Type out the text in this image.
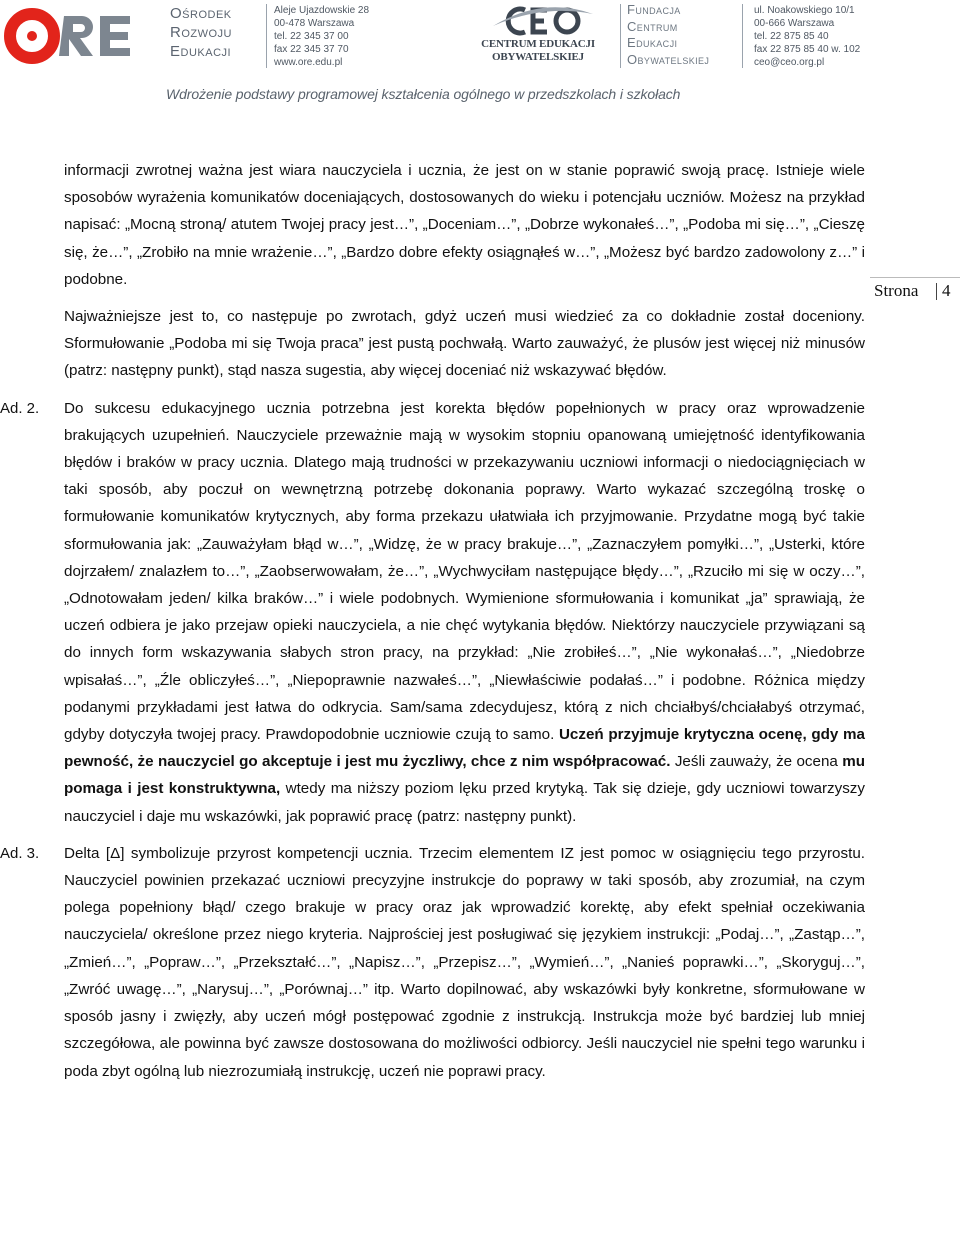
Ośrodek
Rozwoju
Edukacji
Aleje Ujazdowskie 28
00-478 Warszawa
tel. 22 345 37 00
fax 22 345 37 70
www.ore.edu.pl
CENTRUM EDUKACJI
OBYWATELSKIEJ
Fundacja
Centrum
Edukacji
Obywatelskiej
ul. Noakowskiego 10/1
00-666 Warszawa
tel. 22 875 85 40
fax 22 875 85 40 w. 102
ceo@ceo.org.pl
Wdrożenie podstawy programowej kształcenia ogólnego w przedszkolach i szkołach
Strona 4

informacji zwrotnej ważna jest wiara nauczyciela i ucznia, że jest on w stanie poprawić swoją pracę. Istnieje wiele sposobów wyrażenia komunikatów doceniających, dostosowanych do wieku i potencjału uczniów. Możesz na przykład napisać: „Mocną stroną/ atutem Twojej pracy jest…”, „Doceniam…”, „Dobrze wykonałeś…”, „Podoba mi się…”, „Cieszę się, że…”, „Zrobiło na mnie wrażenie…”, „Bardzo dobre efekty osiągnąłeś w…”, „Możesz być bardzo zadowolony z…” i podobne.

Najważniejsze jest to, co następuje po zwrotach, gdyż uczeń musi wiedzieć za co dokładnie został doceniony. Sformułowanie „Podoba mi się Twoja praca” jest pustą pochwałą. Warto zauważyć, że plusów jest więcej niż minusów (patrz: następny punkt), stąd nasza sugestia, aby więcej doceniać niż wskazywać błędów.

Ad. 2.	Do sukcesu edukacyjnego ucznia potrzebna jest korekta błędów popełnionych w pracy oraz wprowadzenie brakujących uzupełnień. Nauczyciele przeważnie mają w wysokim stopniu opanowaną umiejętność identyfikowania błędów i braków w pracy ucznia. Dlatego mają trudności w przekazywaniu uczniowi informacji o niedociągnięciach w taki sposób, aby poczuł on wewnętrzną potrzebę dokonania poprawy. Warto wykazać szczególną troskę o formułowanie komunikatów krytycznych, aby forma przekazu ułatwiała ich przyjmowanie. Przydatne mogą być takie sformułowania jak: „Zauważyłam błąd w…”, „Widzę, że w pracy brakuje…”, „Zaznaczyłem pomyłki…”, „Usterki, które dojrzałem/ znalazłem to…”, „Zaobserwowałam, że…”, „Wychwyciłam następujące błędy…”, „Rzuciło mi się w oczy…”, „Odnotowałam jeden/ kilka braków…” i wiele podobnych. Wymienione sformułowania i komunikat „ja” sprawiają, że uczeń odbiera je jako przejaw opieki nauczyciela, a nie chęć wytykania błędów. Niektórzy nauczyciele przywiązani są do innych form wskazywania słabych stron pracy, na przykład: „Nie zrobiłeś…”, „Nie wykonałaś…”, „Niedobrze wpisałaś…”, „Źle obliczyłeś…”, „Niepoprawnie nazwałeś…”, „Niewłaściwie podałaś…” i podobne. Różnica między podanymi przykładami jest łatwa do odkrycia. Sam/sama zdecydujesz, którą z nich chciałbyś/chciałabyś otrzymać, gdyby dotyczyła twojej pracy. Prawdopodobnie uczniowie czują to samo. Uczeń przyjmuje krytyczna ocenę, gdy ma pewność, że nauczyciel go akceptuje i jest mu życzliwy, chce z nim współpracować. Jeśli zauważy, że ocena mu pomaga i jest konstruktywna, wtedy ma niższy poziom lęku przed krytyką. Tak się dzieje, gdy uczniowi towarzyszy nauczyciel i daje mu wskazówki, jak poprawić pracę (patrz: następny punkt).

Ad. 3.	Delta [Δ] symbolizuje przyrost kompetencji ucznia. Trzecim elementem IZ jest pomoc w osiągnięciu tego przyrostu. Nauczyciel powinien przekazać uczniowi precyzyjne instrukcje do poprawy w taki sposób, aby zrozumiał, na czym polega popełniony błąd/ czego brakuje w pracy oraz jak wprowadzić korektę, aby efekt spełniał oczekiwania nauczyciela/ określone przez niego kryteria. Najprościej jest posługiwać się językiem instrukcji: „Podaj…”, „Zastąp…”, „Zmień…”, „Popraw…”, „Przekształć…”, „Napisz…”, „Przepisz…”, „Wymień…”, „Nanieś poprawki…”, „Skoryguj…”, „Zwróć uwagę…”, „Narysuj…”, „Porównaj…” itp. Warto dopilnować, aby wskazówki były konkretne, sformułowane w sposób jasny i zwięzły, aby uczeń mógł postępować zgodnie z instrukcją. Instrukcja może być bardziej lub mniej szczegółowa, ale powinna być zawsze dostosowana do możliwości odbiorcy. Jeśli nauczyciel nie spełni tego warunku i poda zbyt ogólną lub niezrozumiałą instrukcję, uczeń nie poprawi pracy.
